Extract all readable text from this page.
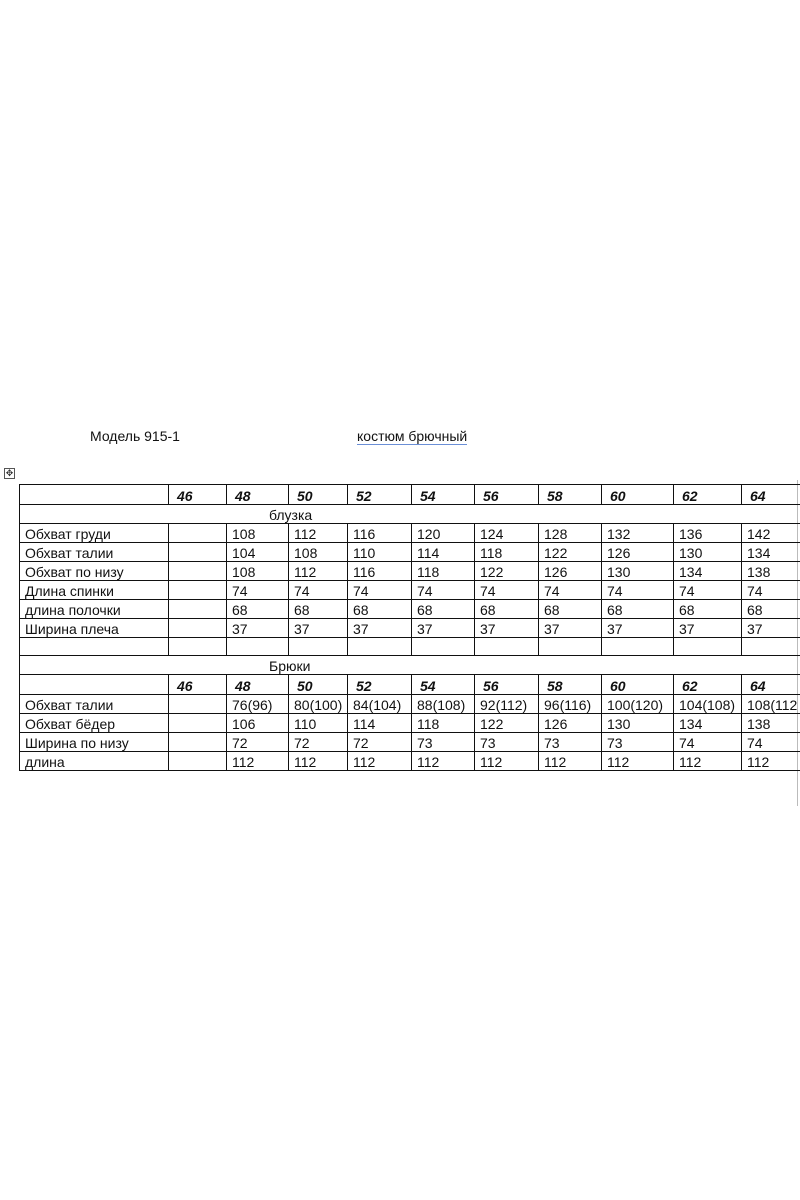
Модель 915-1	костюм брючный
✥
	46	48	50	52	54	56	58	60	62	64
блузка										
Обхват груди		108	112	116	120	124	128	132	136	142
Обхват талии		104	108	110	114	118	122	126	130	134
Обхват по низу		108	112	116	118	122	126	130	134	138
Длина спинки		74	74	74	74	74	74	74	74	74
длина полочки		68	68	68	68	68	68	68	68	68
Ширина плеча		37	37	37	37	37	37	37	37	37

Брюки										
	46	48	50	52	54	56	58	60	62	64
Обхват талии		76(96)	80(100)	84(104)	88(108)	92(112)	96(116)	100(120)	104(108)	108(112
Обхват бёдер		106	110	114	118	122	126	130	134	138
Ширина по низу		72	72	72	73	73	73	73	74	74
длина		112	112	112	112	112	112	112	112	112
